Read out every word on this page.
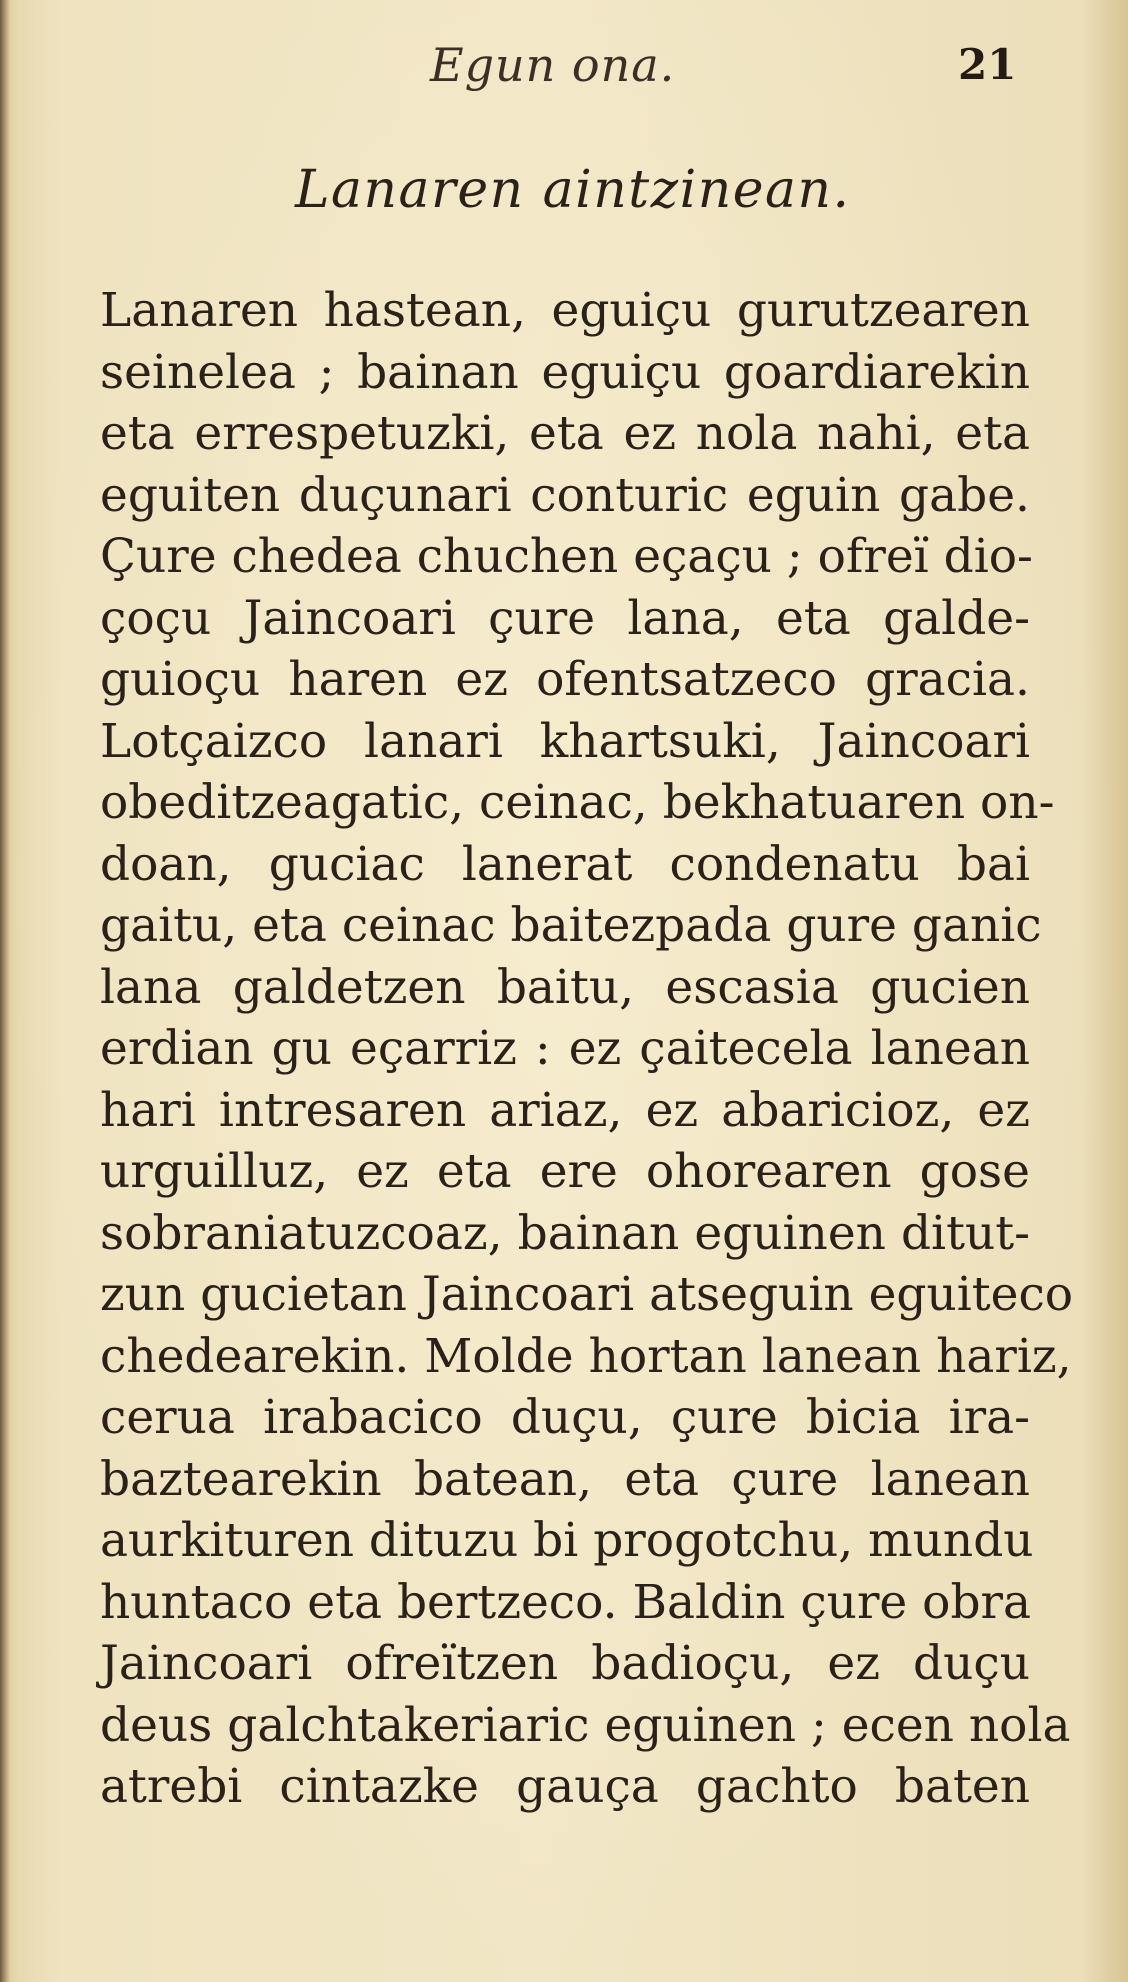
Egun ona.	21
Lanaren aintzinean.
Lanaren hastean, eguiçu gurutzearen
seinelea ; bainan eguiçu goardiarekin
eta errespetuzki, eta ez nola nahi, eta
eguiten duçunari conturic eguin gabe.
Çure chedea chuchen eçaçu ; ofreï dio-
çoçu Jaincoari çure lana, eta galde-
guioçu haren ez ofentsatzeco gracia.
Lotçaizco lanari khartsuki, Jaincoari
obeditzeagatic, ceinac, bekhatuaren on-
doan, guciac lanerat condenatu bai
gaitu, eta ceinac baitezpada gure ganic
lana galdetzen baitu, escasia gucien
erdian gu eçarriz : ez çaitecela lanean
hari intresaren ariaz, ez abaricioz, ez
urguilluz, ez eta ere ohorearen gose
sobraniatuzcoaz, bainan eguinen ditut-
zun gucietan Jaincoari atseguin eguiteco
chedearekin. Molde hortan lanean hariz,
cerua irabacico duçu, çure bicia ira-
baztearekin batean, eta çure lanean
aurkituren dituzu bi progotchu, mundu
huntaco eta bertzeco. Baldin çure obra
Jaincoari ofreïtzen badioçu, ez duçu
deus galchtakeriaric eguinen ; ecen nola
atrebi cintazke gauça gachto baten
